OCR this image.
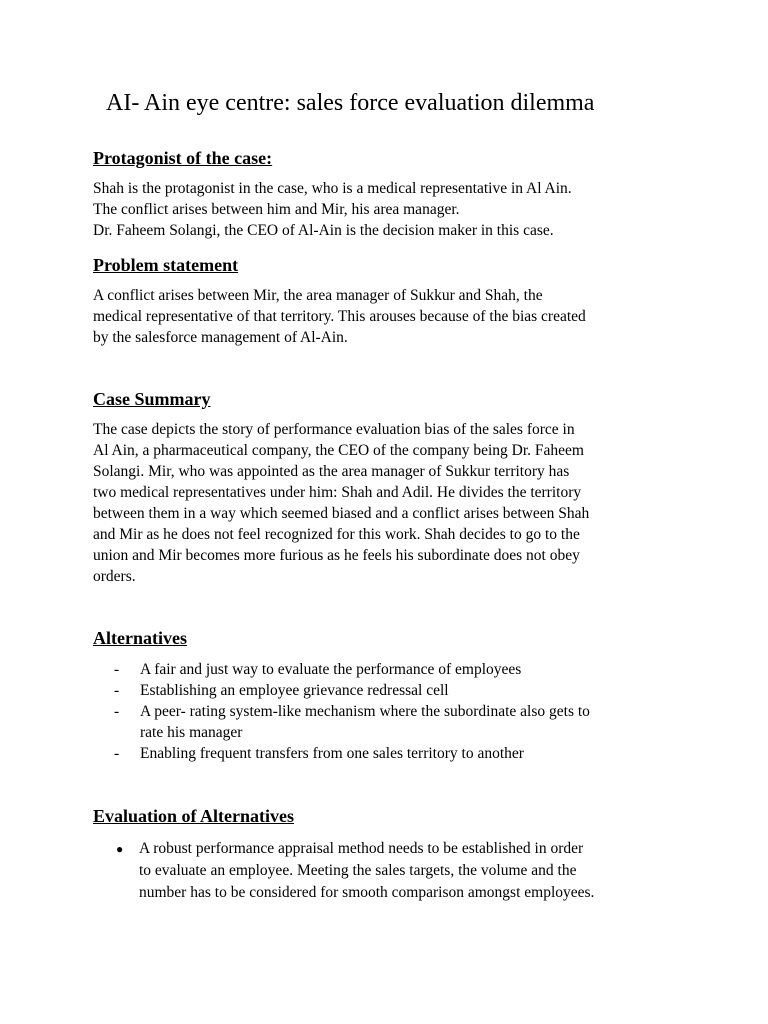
AI- Ain eye centre: sales force evaluation dilemma
Protagonist of the case:

Shah is the protagonist in the case, who is a medical representative in Al Ain.
The conflict arises between him and Mir, his area manager.
Dr. Faheem Solangi, the CEO of Al-Ain is the decision maker in this case.

Problem statement

A conflict arises between Mir, the area manager of Sukkur and Shah, the
medical representative of that territory. This arouses because of the bias created
by the salesforce management of Al-Ain.

Case Summary

The case depicts the story of performance evaluation bias of the sales force in
Al Ain, a pharmaceutical company, the CEO of the company being Dr. Faheem
Solangi. Mir, who was appointed as the area manager of Sukkur territory has
two medical representatives under him: Shah and Adil. He divides the territory
between them in a way which seemed biased and a conflict arises between Shah
and Mir as he does not feel recognized for this work. Shah decides to go to the
union and Mir becomes more furious as he feels his subordinate does not obey
orders.

Alternatives
- A fair and just way to evaluate the performance of employees
- Establishing an employee grievance redressal cell
- A peer- rating system-like mechanism where the subordinate also gets to
rate his manager
- Enabling frequent transfers from one sales territory to another
Evaluation of Alternatives
● A robust performance appraisal method needs to be established in order
to evaluate an employee. Meeting the sales targets, the volume and the
number has to be considered for smooth comparison amongst employees.
